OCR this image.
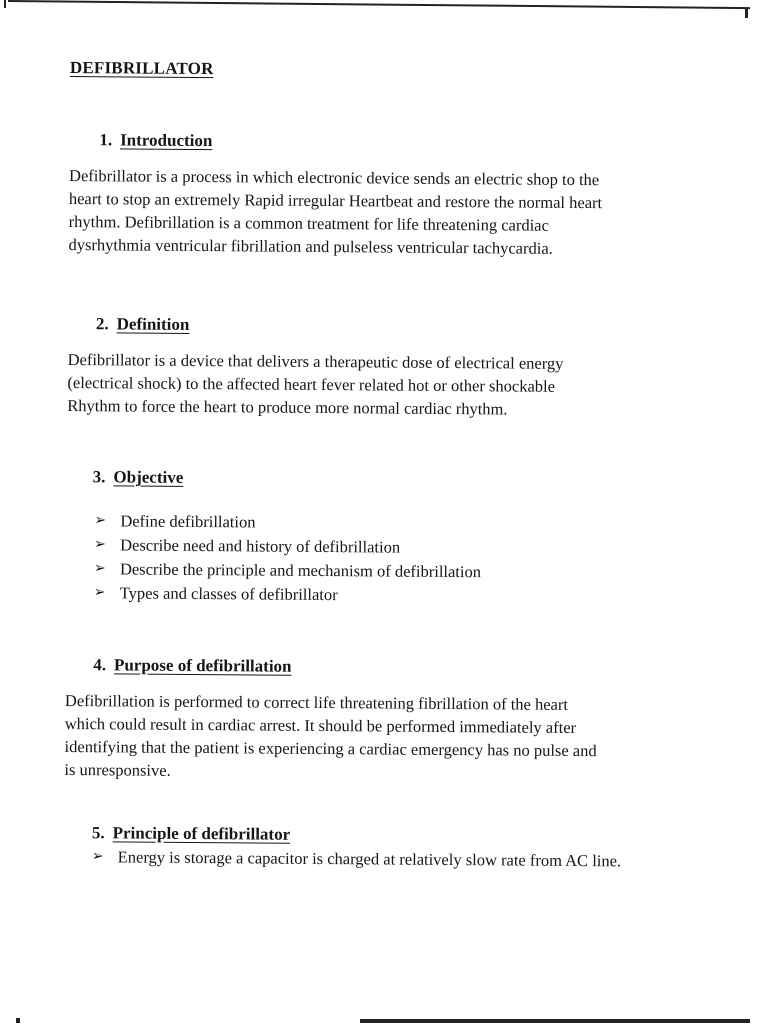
DEFIBRILLATOR
1. Introduction
Defibrillator is a process in which electronic device sends an electric shop to the
heart to stop an extremely Rapid irregular Heartbeat and restore the normal heart
rhythm. Defibrillation is a common treatment for life threatening cardiac
dysrhythmia ventricular fibrillation and pulseless ventricular tachycardia.
2. Definition
Defibrillator is a device that delivers a therapeutic dose of electrical energy
(electrical shock) to the affected heart fever related hot or other shockable
Rhythm to force the heart to produce more normal cardiac rhythm.
3. Objective
➢ Define defibrillation
➢ Describe need and history of defibrillation
➢ Describe the principle and mechanism of defibrillation
➢ Types and classes of defibrillator
4. Purpose of defibrillation
Defibrillation is performed to correct life threatening fibrillation of the heart
which could result in cardiac arrest. It should be performed immediately after
identifying that the patient is experiencing a cardiac emergency has no pulse and
is unresponsive.
5. Principle of defibrillator
➢ Energy is storage a capacitor is charged at relatively slow rate from AC line.
